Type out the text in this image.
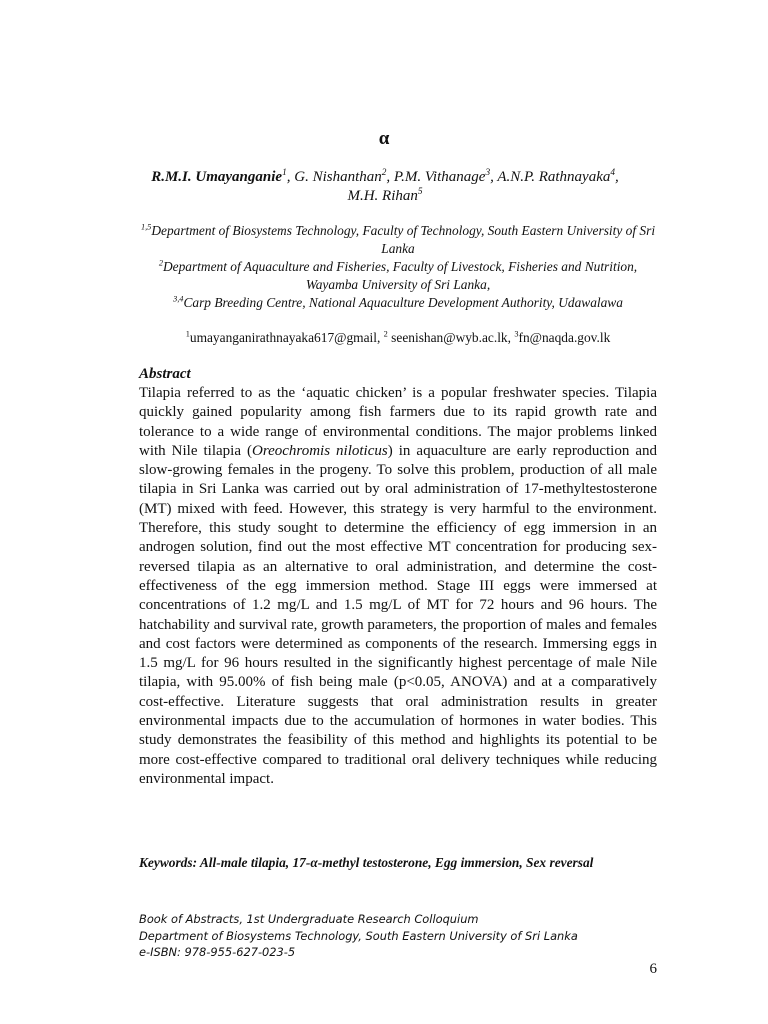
α
R.M.I. Umayanganie$^1$, G. Nishanthan$^2$, P.M. Vithanage$^3$, A.N.P. Rathnayaka$^4$, M.H. Rihan$^5$
$^{1,5}$Department of Biosystems Technology, Faculty of Technology, South Eastern University of Sri Lanka
$^2$Department of Aquaculture and Fisheries, Faculty of Livestock, Fisheries and Nutrition, Wayamba University of Sri Lanka,
$^{3,4}$Carp Breeding Centre, National Aquaculture Development Authority, Udawalawa
$^1$umayanganirathnayaka617@gmail, $^2$ seenishan@wyb.ac.lk, $^3$fn@naqda.gov.lk
Abstract

Tilapia referred to as the ‘aquatic chicken’ is a popular freshwater species. Tilapia quickly gained popularity among fish farmers due to its rapid growth rate and tolerance to a wide range of environmental conditions. The major problems linked with Nile tilapia (Oreochromis niloticus) in aquaculture are early reproduction and slow-growing females in the progeny. To solve this problem, production of all male tilapia in Sri Lanka was carried out by oral administration of 17-methyltestosterone (MT) mixed with feed. However, this strategy is very harmful to the environment. Therefore, this study sought to determine the efficiency of egg immersion in an androgen solution, find out the most effective MT concentration for producing sex-reversed tilapia as an alternative to oral administration, and determine the cost-effectiveness of the egg immersion method. Stage III eggs were immersed at concentrations of 1.2 mg/L and 1.5 mg/L of MT for 72 hours and 96 hours. The hatchability and survival rate, growth parameters, the proportion of males and females and cost factors were determined as components of the research. Immersing eggs in 1.5 mg/L for 96 hours resulted in the significantly highest percentage of male Nile tilapia, with 95.00% of fish being male (p<0.05, ANOVA) and at a comparatively cost-effective. Literature suggests that oral administration results in greater environmental impacts due to the accumulation of hormones in water bodies. This study demonstrates the feasibility of this method and highlights its potential to be more cost-effective compared to traditional oral delivery techniques while reducing environmental impact.

Keywords: All-male tilapia, 17-α-methyl testosterone, Egg immersion, Sex reversal
Book of Abstracts, 1st Undergraduate Research Colloquium
Department of Biosystems Technology, South Eastern University of Sri Lanka
e-ISBN: 978-955-627-023-5
6
